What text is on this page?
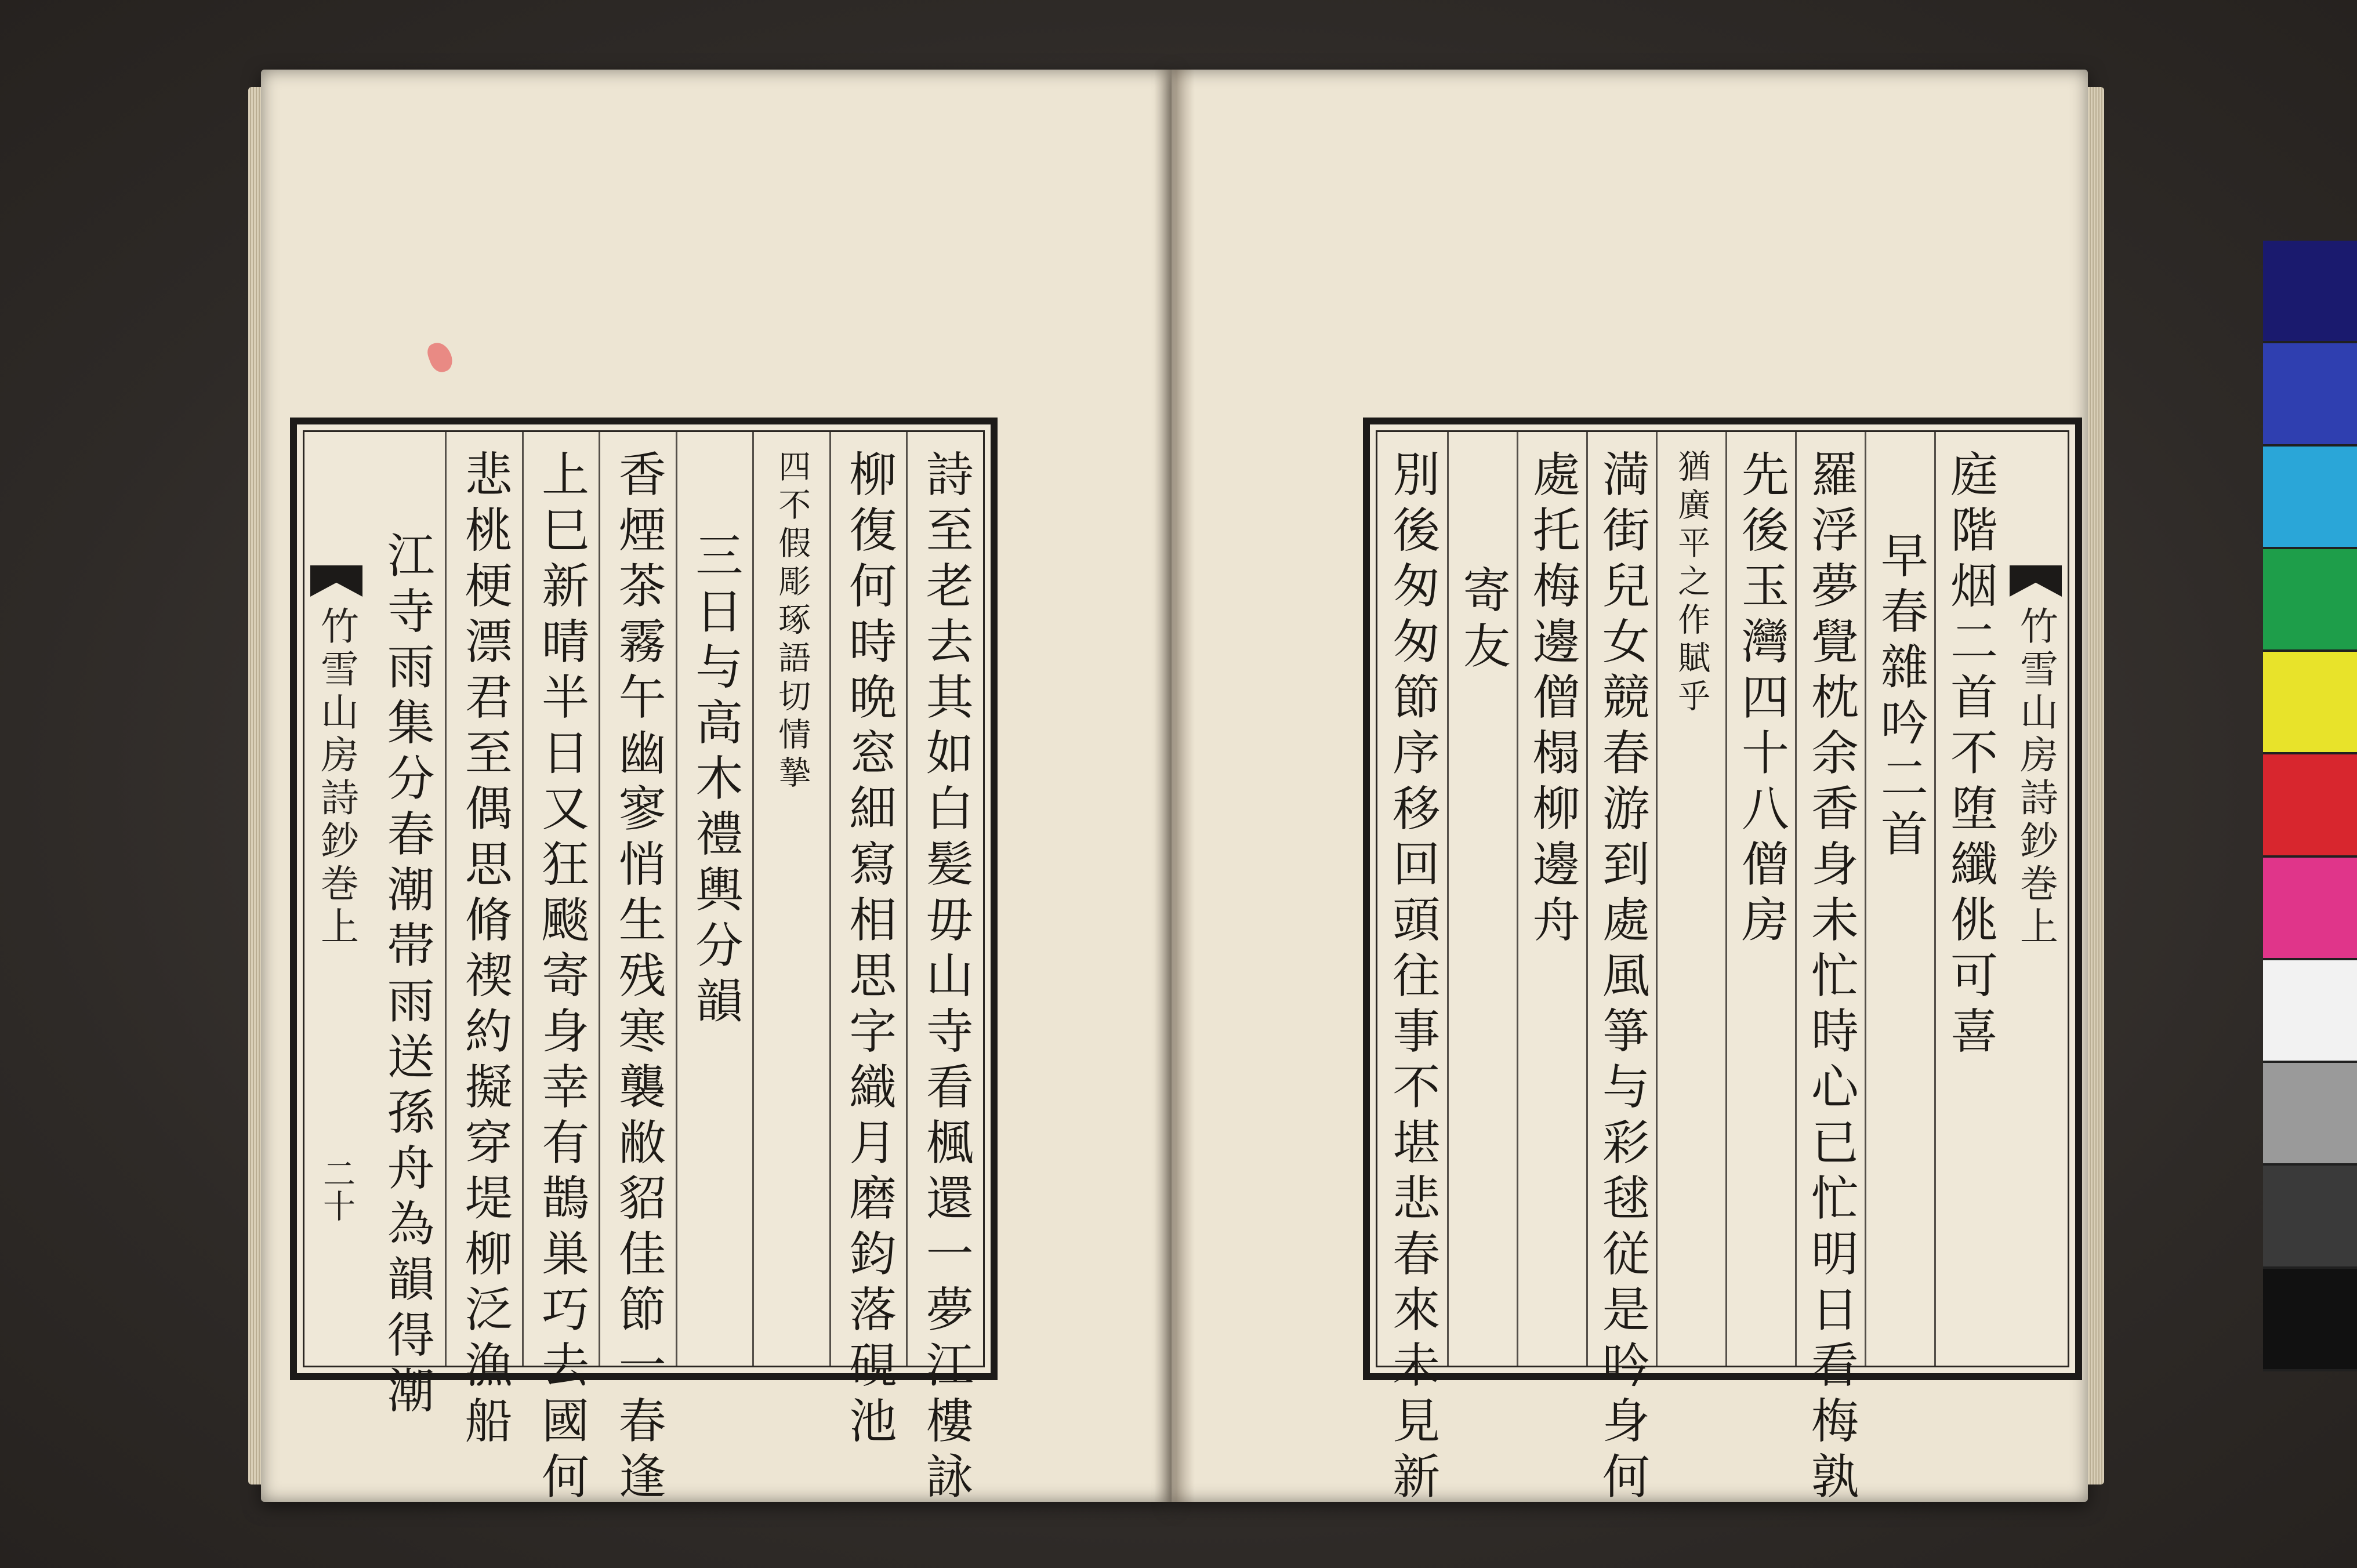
竹雪山房詩鈔巻上
二十	詩至老去其如白髪毋山寺看楓還一夢江樓詠
柳復何時晩窓細寫相思字織月磨鈞落硯池
四不假彫琢語切情摯
三日与高木禮輿分韻
香煙茶霧午幽寥悄生残寒襲敝貂佳節一春逢
上巳新晴半日又狂颷寄身幸有鵲巣巧去國何
悲桃梗漂君至偶思脩禊約擬穿堤柳泛漁船
江寺雨集分春潮帯雨送孫舟為韻得潮	竹雪山房詩鈔巻上
庭階烟二首不堕纖佻可喜
早春雜吟二首
羅浮夢覺枕余香身未忙時心已忙明日看梅孰
先後玉灣四十八僧房
猶廣平之作賦乎
満街兒女競春游到處風箏与彩毬従是吟身何
處托梅邊僧榻柳邊舟
寄友
別後匆匆節序移回頭往事不堪悲春來未見新
